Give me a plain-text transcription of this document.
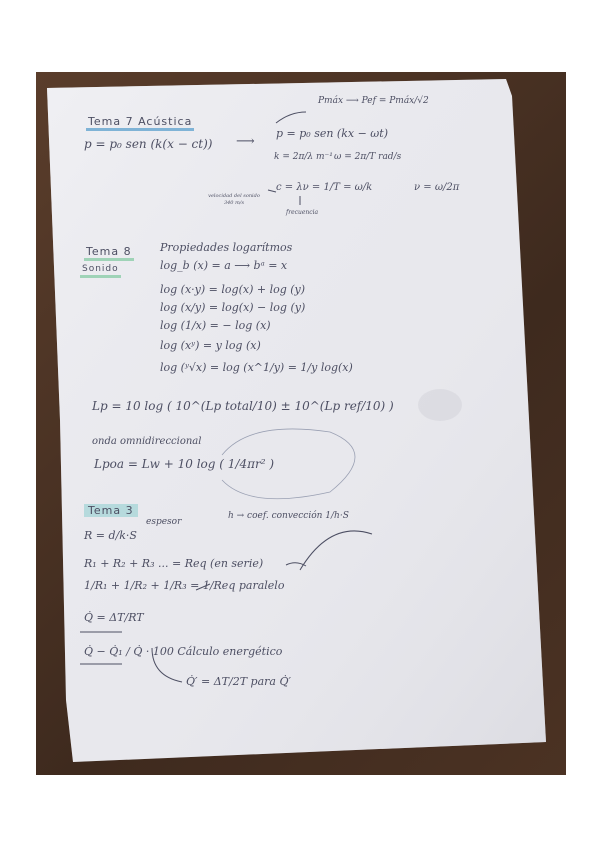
Tema 7 Acústica
p = p₀ sen (k(x − ct)) ⟶
Pmáx ⟶ Pef = Pmáx/√2
p = p₀ sen (kx − ωt)
k = 2π/λ m⁻¹ ω = 2π/T rad/s
c = λν = 1/T = ω/k	ν = ω/2π
velocidad del sonido 340 m/s
frecuencia
Tema 8
Sonido
Propiedades logarítmos
log_b (x) = a ⟶ bᵃ = x
log (x·y) = log(x) + log (y)
log (x/y) = log(x) − log (y)
log (1/x) = − log (x)
log (xʸ) = y log (x)
log (ʸ√x) = log (x^1/y) = 1/y log(x)
Lp = 10 log ( 10^(Lp total/10) ± 10^(Lp ref/10) )
onda omnidireccional
Lpoa = Lw + 10 log ( 1/4πr² )
Tema 3
R = d/k·S
espesor
h → coef. convección 1/h·S
R₁ + R₂ + R₃ ... = Req (en serie)
1/R₁ + 1/R₂ + 1/R₃ = 1/Req paralelo
Q̇ = ΔT/RT
Q̇ − Q̇₁ / Q̇ · 100 Cálculo energético
Q̇′ = ΔT/2T para Q̇′
